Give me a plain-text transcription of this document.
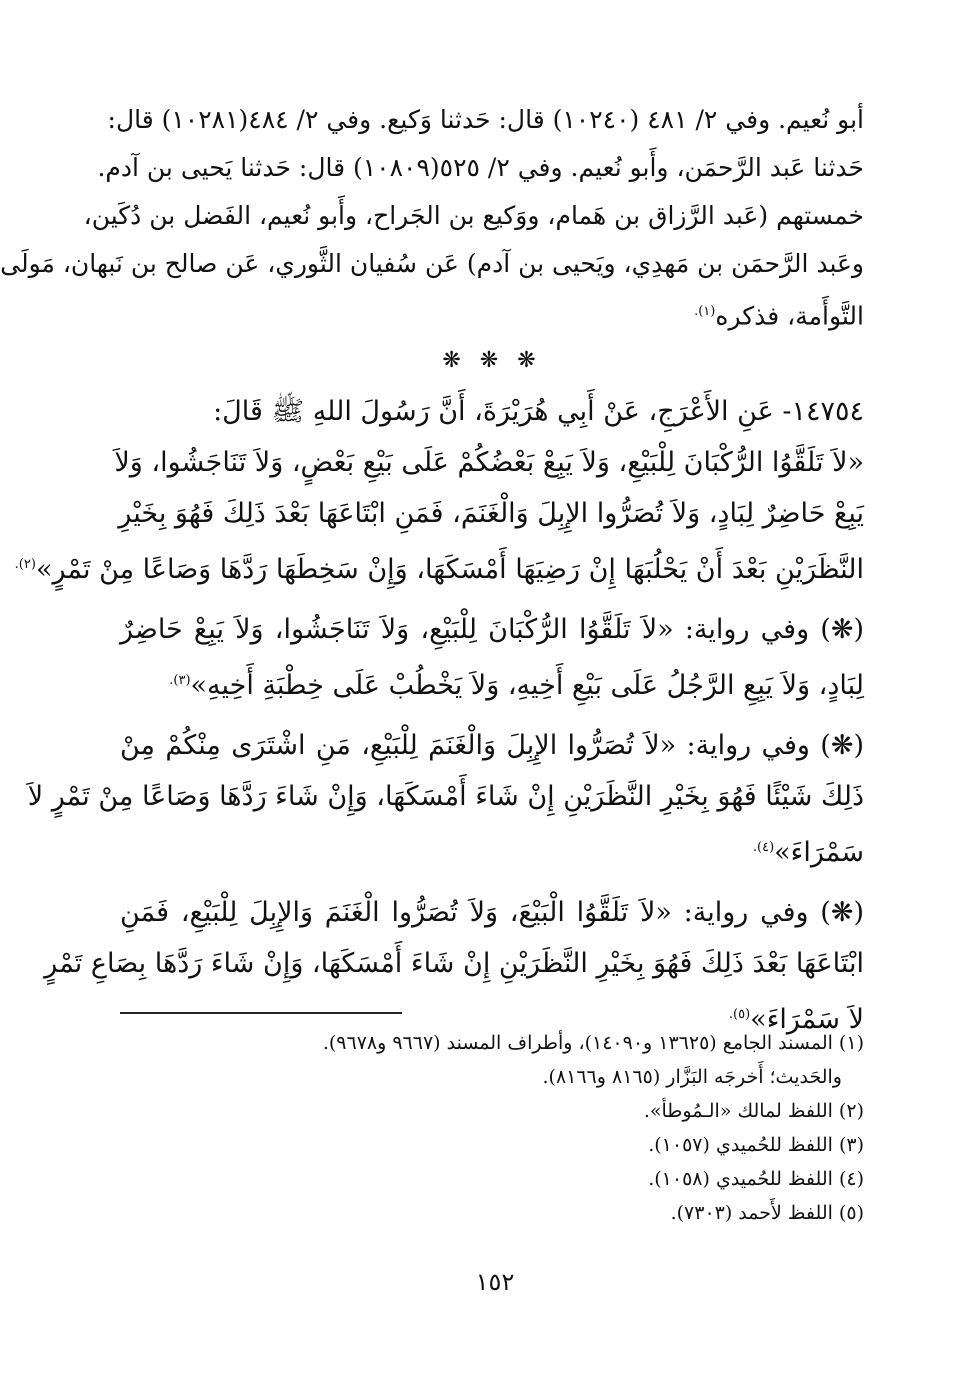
أبو نُعيم. وفي ٢/ ٤٨١ (١٠٢٤٠) قال: حَدثنا وَكيع. وفي ٢/ ٤٨٤(١٠٢٨١) قال:
حَدثنا عَبد الرَّحمَن، وأَبو نُعيم. وفي ٢/ ٥٢٥(١٠٨٠٩) قال: حَدثنا يَحيى بن آدم.
خمستهم (عَبد الرَّزاق بن هَمام، ووَكيع بن الجَراح، وأَبو نُعيم، الفَضل بن دُكَين،
وعَبد الرَّحمَن بن مَهدِي، ويَحيى بن آدم) عَن سُفيان الثَّوري، عَن صالح بن نَبهان، مَولَى
التَّوأَمة، فذكره$^{(١).}$
❋ ❋ ❋
١٤٧٥٤- عَنِ الأَعْرَجِ، عَنْ أَبِي هُرَيْرَةَ، أَنَّ رَسُولَ اللهِ ﷺ قَالَ:
«لاَ تَلَقَّوُا الرُّكْبَانَ لِلْبَيْعِ، وَلاَ يَبِعْ بَعْضُكُمْ عَلَى بَيْعِ بَعْضٍ، وَلاَ تَنَاجَشُوا، وَلاَ
يَبِعْ حَاضِرٌ لِبَادٍ، وَلاَ تُصَرُّوا الإِبِلَ وَالْغَنَمَ، فَمَنِ ابْتَاعَهَا بَعْدَ ذَلِكَ فَهُوَ بِخَيْرِ
النَّظَرَيْنِ بَعْدَ أَنْ يَحْلُبَهَا إِنْ رَضِيَهَا أَمْسَكَهَا، وَإِنْ سَخِطَهَا رَدَّهَا وَصَاعًا مِنْ تَمْرٍ»$^{(٢).}$
(❋) وفي رواية: «لاَ تَلَقَّوُا الرُّكْبَانَ لِلْبَيْعِ، وَلاَ تَنَاجَشُوا، وَلاَ يَبِعْ حَاضِرٌ
لِبَادٍ، وَلاَ يَبِعِ الرَّجُلُ عَلَى بَيْعِ أَخِيهِ، وَلاَ يَخْطُبْ عَلَى خِطْبَةِ أَخِيهِ»$^{(٣).}$
(❋) وفي رواية: «لاَ تُصَرُّوا الإِبِلَ وَالْغَنَمَ لِلْبَيْعِ، مَنِ اشْتَرَى مِنْكُمْ مِنْ
ذَلِكَ شَيْئًا فَهُوَ بِخَيْرِ النَّظَرَيْنِ إِنْ شَاءَ أَمْسَكَهَا، وَإِنْ شَاءَ رَدَّهَا وَصَاعًا مِنْ تَمْرٍ لاَ
سَمْرَاءَ»$^{(٤).}$
(❋) وفي رواية: «لاَ تَلَقَّوُا الْبَيْعَ، وَلاَ تُصَرُّوا الْغَنَمَ وَالإِبِلَ لِلْبَيْعِ، فَمَنِ
ابْتَاعَهَا بَعْدَ ذَلِكَ فَهُوَ بِخَيْرِ النَّظَرَيْنِ إِنْ شَاءَ أَمْسَكَهَا، وَإِنْ شَاءَ رَدَّهَا بِصَاعِ تَمْرٍ
لاَ سَمْرَاءَ»$^{(٥).}$
(١) المسند الجامع (١٣٦٢٥ و١٤٠٩٠)، وأطراف المسند (٩٦٦٧ و٩٦٧٨).
والحَديث؛ أَخرجَه البَزَّار (٨١٦٥ و٨١٦٦).
(٢) اللفظ لمالك «الـمُوطأ».
(٣) اللفظ للحُميدي (١٠٥٧).
(٤) اللفظ للحُميدي (١٠٥٨).
(٥) اللفظ لأَحمد (٧٣٠٣).
١٥٢
